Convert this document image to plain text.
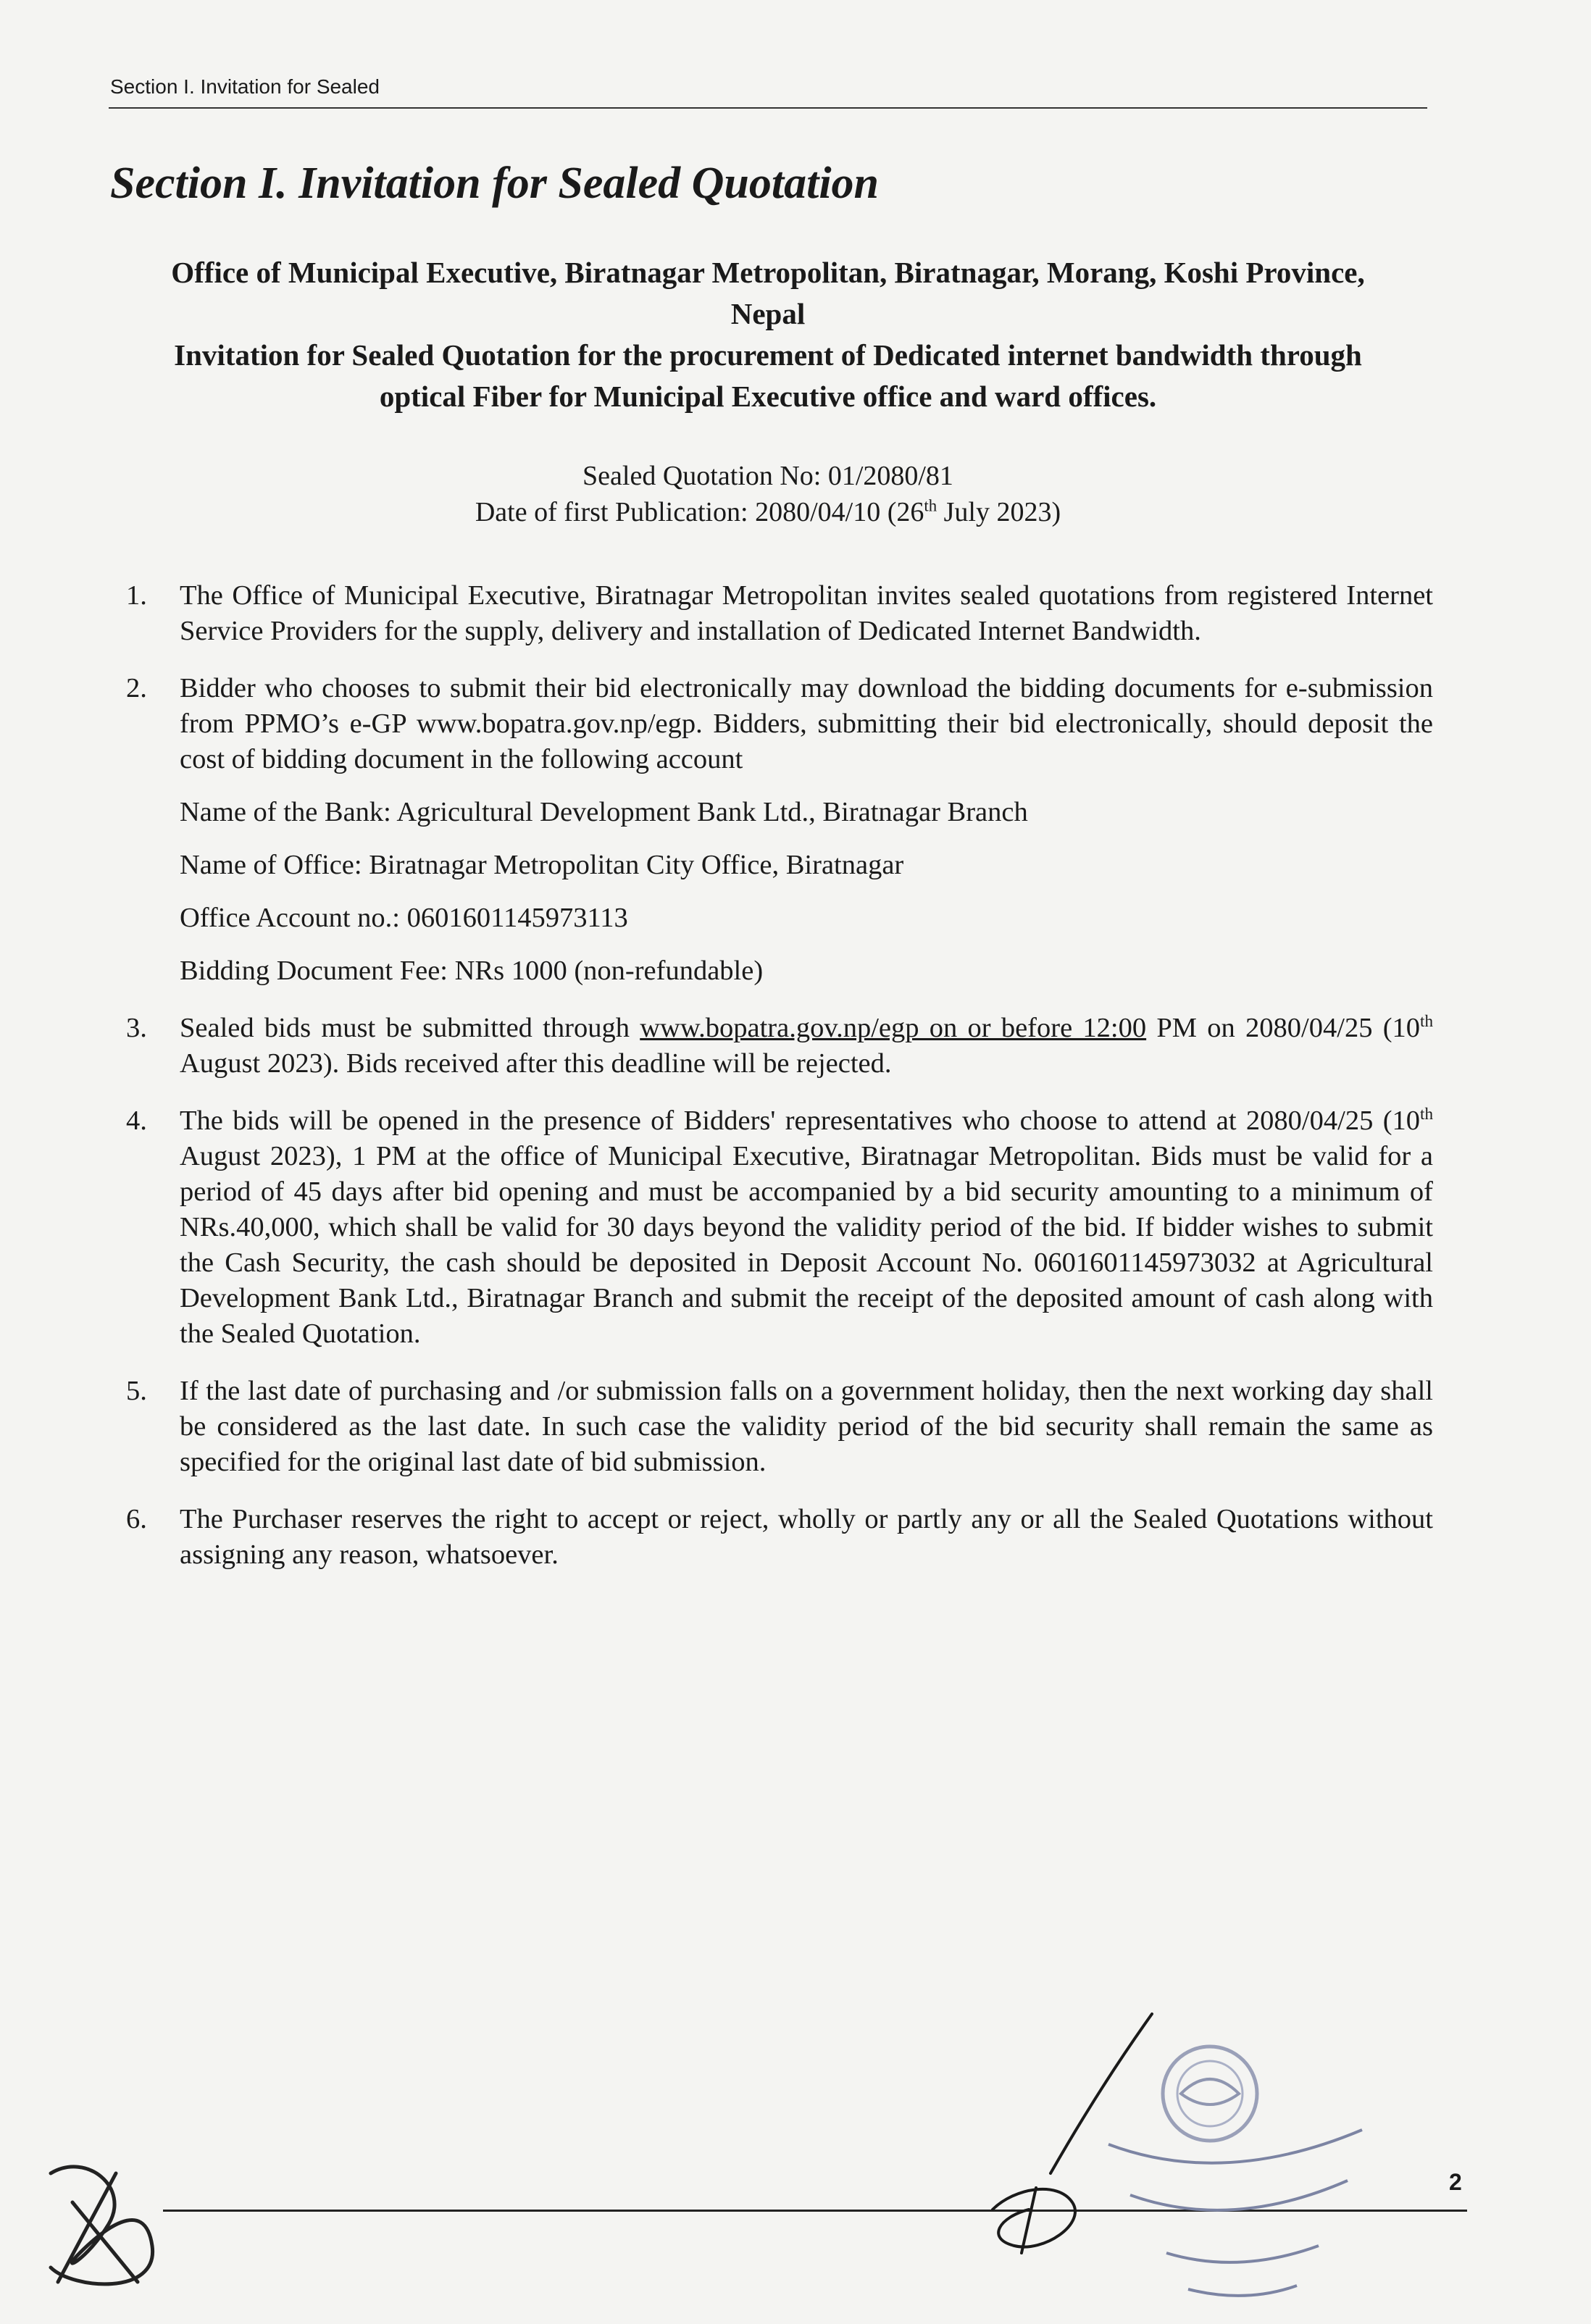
Section I. Invitation for Sealed
Section I. Invitation for Sealed Quotation
Office of Municipal Executive, Biratnagar Metropolitan, Biratnagar, Morang, Koshi Province, Nepal
Invitation for Sealed Quotation for the procurement of Dedicated internet bandwidth through optical Fiber for Municipal Executive office and ward offices.
Sealed Quotation No: 01/2080/81
Date of first Publication: 2080/04/10 (26th July 2023)
1. The Office of Municipal Executive, Biratnagar Metropolitan invites sealed quotations from registered Internet Service Providers for the supply, delivery and installation of Dedicated Internet Bandwidth.
2. Bidder who chooses to submit their bid electronically may download the bidding documents for e-submission from PPMO’s e-GP www.bopatra.gov.np/egp. Bidders, submitting their bid electronically, should deposit the cost of bidding document in the following account
Name of the Bank: Agricultural Development Bank Ltd., Biratnagar Branch
Name of Office: Biratnagar Metropolitan City Office, Biratnagar
Office Account no.: 0601601145973113
Bidding Document Fee: NRs 1000 (non-refundable)
3. Sealed bids must be submitted through www.bopatra.gov.np/egp on or before 12:00 PM on 2080/04/25 (10th August 2023). Bids received after this deadline will be rejected.
4. The bids will be opened in the presence of Bidders' representatives who choose to attend at 2080/04/25 (10th August 2023), 1 PM at the office of Municipal Executive, Biratnagar Metropolitan. Bids must be valid for a period of 45 days after bid opening and must be accompanied by a bid security amounting to a minimum of NRs.40,000, which shall be valid for 30 days beyond the validity period of the bid. If bidder wishes to submit the Cash Security, the cash should be deposited in Deposit Account No. 0601601145973032 at Agricultural Development Bank Ltd., Biratnagar Branch and submit the receipt of the deposited amount of cash along with the Sealed Quotation.
5. If the last date of purchasing and /or submission falls on a government holiday, then the next working day shall be considered as the last date. In such case the validity period of the bid security shall remain the same as specified for the original last date of bid submission.
6. The Purchaser reserves the right to accept or reject, wholly or partly any or all the Sealed Quotations without assigning any reason, whatsoever.
2
